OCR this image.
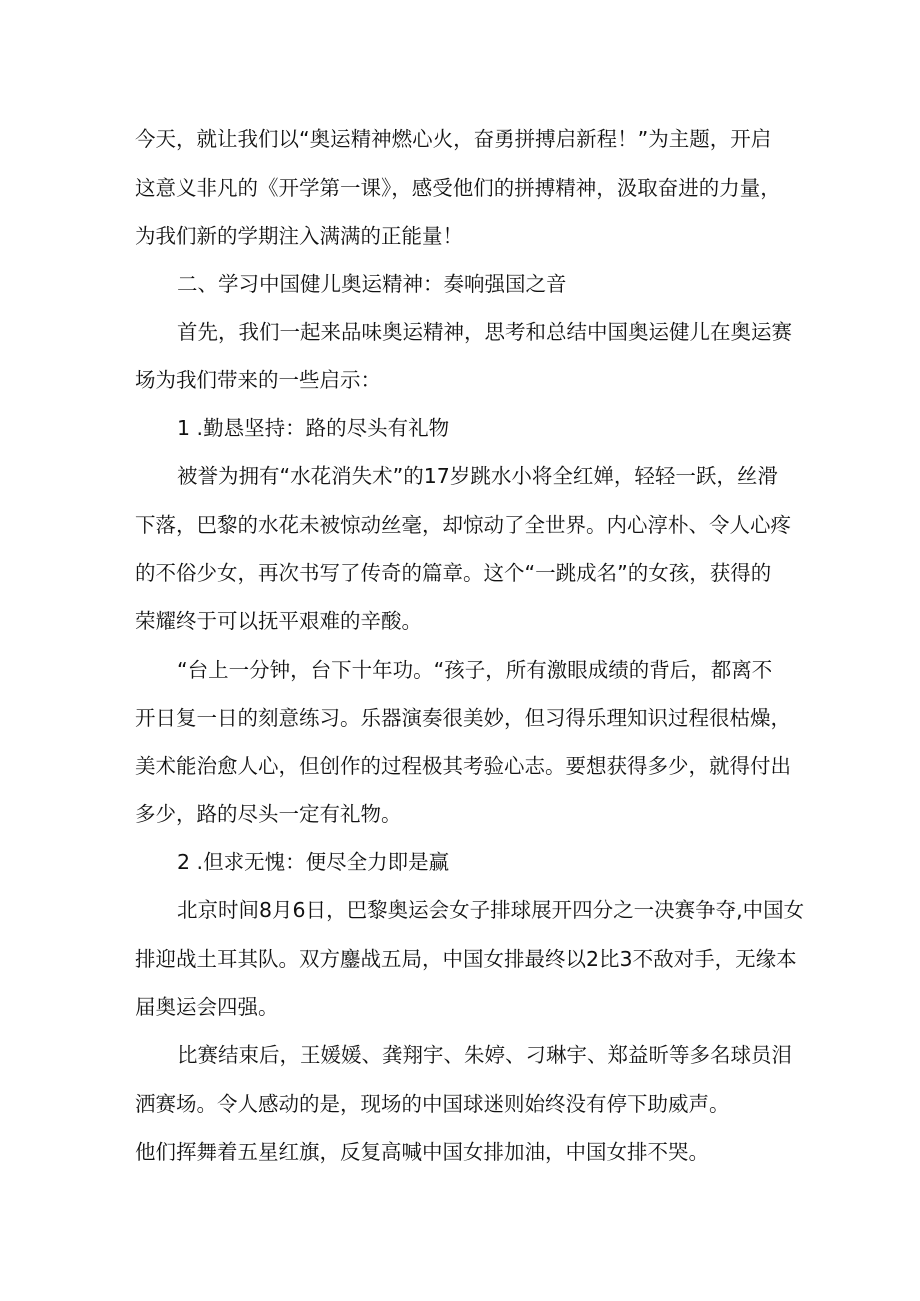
今天，就让我们以“奥运精神燃心火，奋勇拼搏启新程！”为主题，开启

这意义非凡的《开学第一课》，感受他们的拼搏精神，汲取奋进的力量，

为我们新的学期注入满满的正能量！

二、学习中国健儿奥运精神：奏响强国之音

首先，我们一起来品味奥运精神，思考和总结中国奥运健儿在奥运赛

场为我们带来的一些启示：

1 .勤恳坚持：路的尽头有礼物

被誉为拥有“水花消失术”的17岁跳水小将全红婵，轻轻一跃，丝滑

下落，巴黎的水花未被惊动丝毫，却惊动了全世界。内心淳朴、令人心疼

的不俗少女，再次书写了传奇的篇章。这个“一跳成名”的女孩，获得的

荣耀终于可以抚平艰难的辛酸。

“台上一分钟，台下十年功。“孩子，所有激眼成绩的背后，都离不

开日复一日的刻意练习。乐器演奏很美妙，但习得乐理知识过程很枯燥，

美术能治愈人心，但创作的过程极其考验心志。要想获得多少，就得付出

多少，路的尽头一定有礼物。

2 .但求无愧：便尽全力即是赢

北京时间8月6日，巴黎奥运会女子排球展开四分之一决赛争夺,中国女

排迎战土耳其队。双方鏖战五局，中国女排最终以2比3不敌对手，无缘本

届奥运会四强。

比赛结束后，王媛媛、龚翔宇、朱婷、刁琳宇、郑益昕等多名球员泪

洒赛场。令人感动的是，现场的中国球迷则始终没有停下助威声。

他们挥舞着五星红旗，反复高喊中国女排加油，中国女排不哭。
